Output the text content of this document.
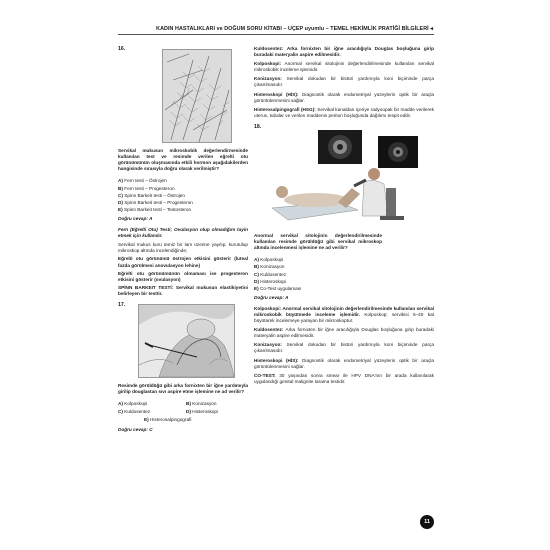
KADIN HASTALIKLARI ve DOĞUM SORU KİTABI – UÇEP uyumlu – TEMEL HEKİMLİK PRATİĞİ BİLGİLERİ ◂
16.

Servikal mukusun mikroskobik değerlendirmesinde kullanılan test ve resimde verilen eğrelti otu görünümünün oluşmasında etkili hormon aşağıdakilerden hangisinde sırasıyla doğru olarak verilmiştir?

A) Fern testi – Östrojen
B) Fern testi – Progesteron
C) Spinn Barkeit testi – Östrojen
D) Spinn Barkeit testi – Progesteron
E) Spinn Barkeit testi – Testosteron
Doğru cevap: A

Fern (Eğrelti Otu) Testi; Ovulasyon olup olmadığını tayin etmek için kullanılır.

Servikal mukus kuru temiz bir lam üzerine yayılıp, kurutulup mikroskop altında incelendiğinde;

Eğrelti otu görünümü östrojen etkisini gösterir (luteal fazda görülmesi anovulasyon lehine)

Eğrelti otu görünümünün olmaması ise progesteron etkisini gösterir (ovulasyon)

SPİNN BARKEIT TESTİ: Servikal mukusun elastikiyetini belirleyen bir testtir.

17.

Resimde görüldüğü gibi arka fornixten bir iğne yardımıyla girilip douglastan sıvı aspire etme işlemine ne ad verilir?

A) Kolposkopi	B) Konizasyon
C) Kuldosentez	D) Histeroskopi
E) Histerosalpingografi
Doğru cevap: C

Kuldosentez: Arka fornixten bir iğne aracılığıyla Douglas boşluğuna girip buradaki materyalin aspire edilmesidir.

Kolposkopi: Anormal servikal sitolojinin değerlendirilmesinde kullanılan servikal mikroskobik inceleme işlemidir.

Konizasyon: Servikal dokudan bir bistüri yardımıyla koni biçiminde parça çıkarılmasıdır.

Histeroskopi (HİS): Diagnostik olarak endometriyal yüzeylerin optik bir araçla görüntülenmesini sağlar.

Histerosalpingografi (HSG): Servikal kanaldan içeriye radyoopak bir madde verilerek uterus, tubalar ve verilen maddenin periton boşluğunda dağılımı tespit edilir.

18.

Anormal servikal sitolojinin değerlendirilmesinde kullanılan resimde görüldüğü gibi servikal mikroskop altında incelenmesi işlemine ne ad verilir?

A) Kolposkopi
B) Konizasyon
C) Kuldosentez
D) Histeroskopi
E) Co-Test uygulaması
Doğru cevap: A

Kolposkopi: Anormal servikal sitolojinin değerlendirilmesinde kullanılan servikal mikroskobik büyütmede inceleme işlemidir. Kolposkop; servikisi 6–40 kat büyütarek incelemeye yarayan bir mikroskoptur.

Kuldosentez: Arka fornixten bir iğne aracılığıyla Douglas boşluğuna girip buradaki materyalin aspire edilmesidir.

Konizasyon: Servikal dokudan bir bistüri yardımıyla koni biçiminde parça çıkarılmasıdır.

Histeroskopi (HİS): Diagnostik olarak endometriyal yüzeylerin optik bir araçla görüntülenmesini sağlar.

CO-TEST: 30 yaşından sonra smear ile HPV DNA'nın bir arada kullanılarak uygulandığı genital malignite tarama testidir.

11
